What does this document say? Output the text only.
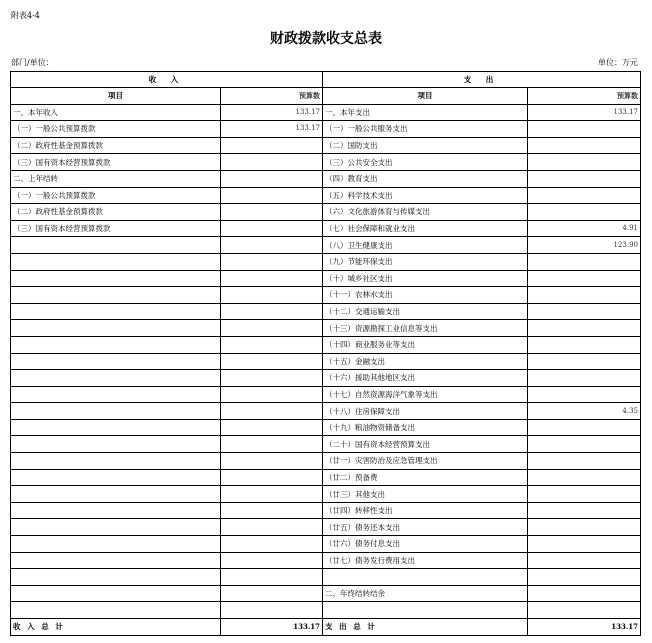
附表4-4
财政拨款收支总表
部门/单位：	单位：万元
收 入		支 出	
项目	预算数	项目	预算数
一、本年收入	133.17	一、本年支出	133.17
（一）一般公共预算拨款	133.17	（一）一般公共服务支出	
（二）政府性基金预算拨款		（二）国防支出	
（三）国有资本经营预算拨款		（三）公共安全支出	
二、上年结转		（四）教育支出	
（一）一般公共预算拨款		（五）科学技术支出	
（二）政府性基金预算拨款		（六）文化旅游体育与传媒支出	
（三）国有资本经营预算拨款		（七）社会保障和就业支出	4.91
		（八）卫生健康支出	123.90
		（九）节能环保支出	
		（十）城乡社区支出	
		（十一）农林水支出	
		（十二）交通运输支出	
		（十三）资源勘探工业信息等支出	
		（十四）商业服务业等支出	
		（十五）金融支出	
		（十六）援助其他地区支出	
		（十七）自然资源海洋气象等支出	
		（十八）住房保障支出	4.35
		（十九）粮油物资储备支出	
		（二十）国有资本经营预算支出	
		（廿一）灾害防治及应急管理支出	
		（廿二）预备费	
		（廿三）其他支出	
		（廿四）转移性支出	
		（廿五）债务还本支出	
		（廿六）债务付息支出	
		（廿七）债务发行费用支出	

		二、年终结转结余	

收 入 总 计	133.17	支 出 总 计	133.17
